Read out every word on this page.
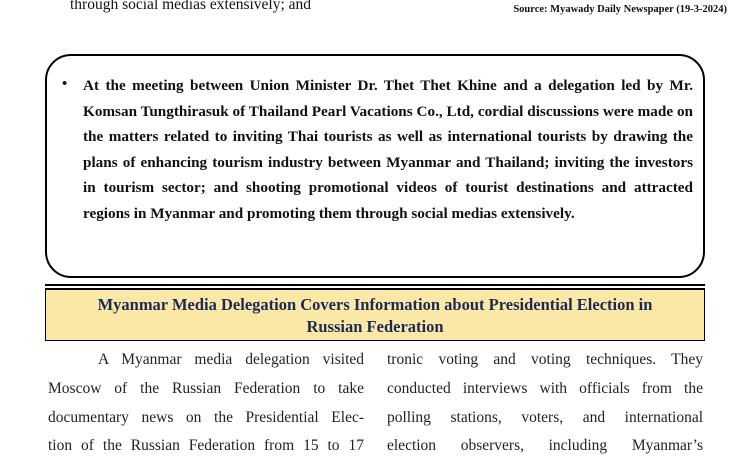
through social medias extensively; and	Source: Myawady Daily Newspaper (19-3-2024)
• At the meeting between Union Minister Dr. Thet Thet Khine and a delegation led by Mr. Komsan Tungthirasuk of Thailand Pearl Vacations Co., Ltd, cordial discussions were made on the matters related to inviting Thai tourists as well as international tourists by drawing the plans of enhancing tourism industry between Myanmar and Thailand; inviting the investors in tourism sector; and shooting promotional videos of tourist destinations and attracted regions in Myanmar and promoting them through social medias extensively.
Myanmar Media Delegation Covers Information about Presidential Election in
Russian Federation
A Myanmar media delegation visited
Moscow of the Russian Federation to take
documentary news on the Presidential Elec-
tion of the Russian Federation from 15 to 17
tronic voting and voting techniques. They
conducted interviews with officials from the
polling stations, voters, and international
election observers, including Myanmar’s
